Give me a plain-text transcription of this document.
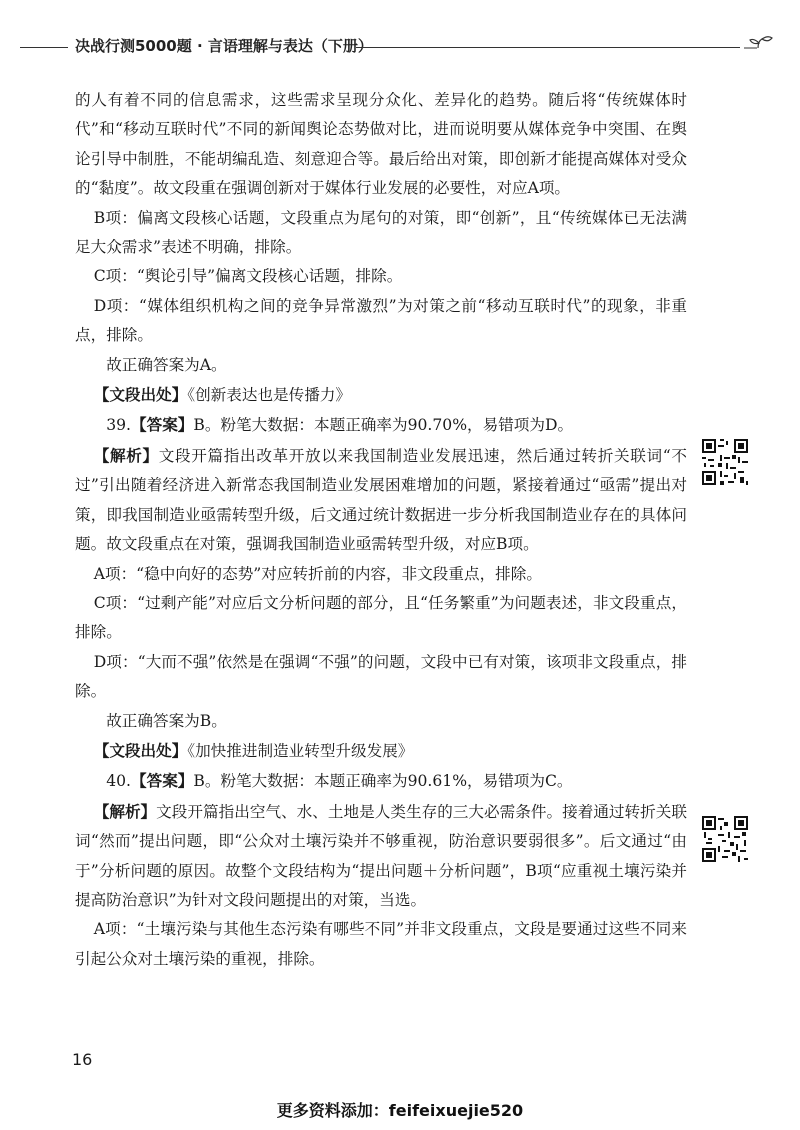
决战行测5000题 · 言语理解与表达（下册）

的人有着不同的信息需求，这些需求呈现分众化、差异化的趋势。随后将“传统媒体时代”和“移动互联时代”不同的新闻舆论态势做对比，进而说明要从媒体竞争中突围、在舆论引导中制胜，不能胡编乱造、刻意迎合等。最后给出对策，即创新才能提高媒体对受众的“黏度”。故文段重在强调创新对于媒体行业发展的必要性，对应A项。

B项：偏离文段核心话题，文段重点为尾句的对策，即“创新”，且“传统媒体已无法满足大众需求”表述不明确，排除。

C项：“舆论引导”偏离文段核心话题，排除。

D项：“媒体组织机构之间的竞争异常激烈”为对策之前“移动互联时代”的现象，非重点，排除。

故正确答案为A。

【文段出处】《创新表达也是传播力》

39.【答案】B。粉笔大数据：本题正确率为90.70%，易错项为D。

【解析】文段开篇指出改革开放以来我国制造业发展迅速，然后通过转折关联词“不过”引出随着经济进入新常态我国制造业发展困难增加的问题，紧接着通过“亟需”提出对策，即我国制造业亟需转型升级，后文通过统计数据进一步分析我国制造业存在的具体问题。故文段重点在对策，强调我国制造业亟需转型升级，对应B项。

A项：“稳中向好的态势”对应转折前的内容，非文段重点，排除。

C项：“过剩产能”对应后文分析问题的部分，且“任务繁重”为问题表述，非文段重点，排除。

D项：“大而不强”依然是在强调“不强”的问题，文段中已有对策，该项非文段重点，排除。

故正确答案为B。

【文段出处】《加快推进制造业转型升级发展》

40.【答案】B。粉笔大数据：本题正确率为90.61%，易错项为C。

【解析】文段开篇指出空气、水、土地是人类生存的三大必需条件。接着通过转折关联词“然而”提出问题，即“公众对土壤污染并不够重视，防治意识要弱很多”。后文通过“由于”分析问题的原因。故整个文段结构为“提出问题＋分析问题”，B项“应重视土壤污染并提高防治意识”为针对文段问题提出的对策，当选。

A项：“土壤污染与其他生态污染有哪些不同”并非文段重点，文段是要通过这些不同来引起公众对土壤污染的重视，排除。

16
更多资料添加：feifeixuejie520
